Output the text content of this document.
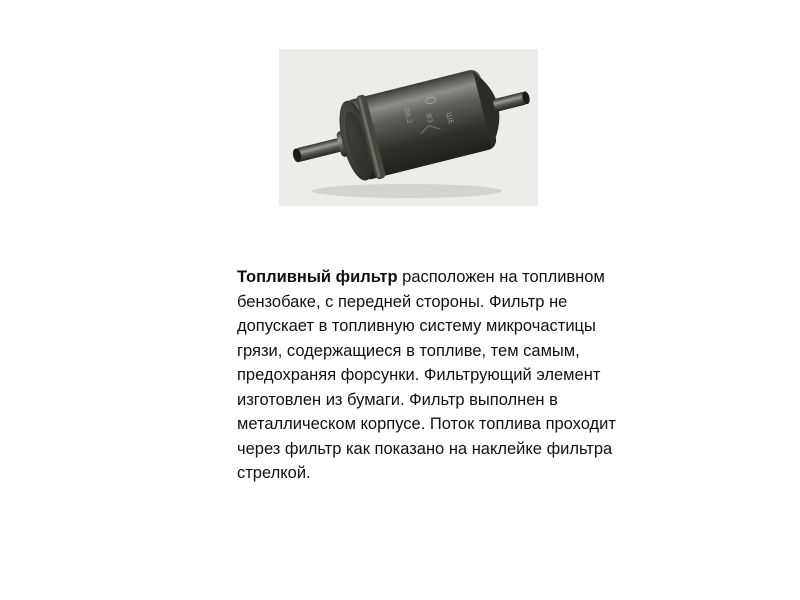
06.2 ЯЗ ШЕ

Топливный фильтр расположен на топливном бензобаке, с передней стороны. Фильтр не допускает в топливную систему микрочастицы грязи, содержащиеся в топливе, тем самым, предохраняя форсунки. Фильтрующий элемент изготовлен из бумаги. Фильтр выполнен в металлическом корпусе. Поток топлива проходит через фильтр как показано на наклейке фильтра стрелкой.
